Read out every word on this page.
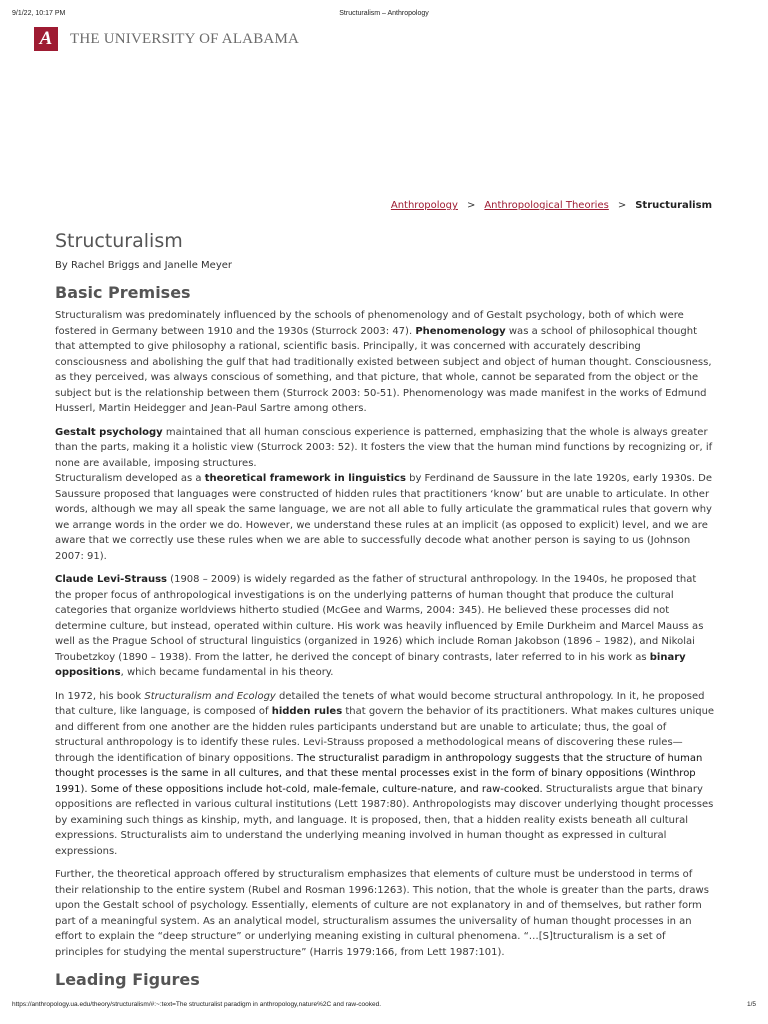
9/1/22, 10:17 PM	Structuralism – Anthropology
A	THE UNIVERSITY OF ALABAMA
Anthropology > Anthropological Theories > Structuralism
Structuralism
By Rachel Briggs and Janelle Meyer
Basic Premises

Structuralism was predominately influenced by the schools of phenomenology and of Gestalt psychology, both of which were fostered in Germany between 1910 and the 1930s (Sturrock 2003: 47). Phenomenology was a school of philosophical thought that attempted to give philosophy a rational, scientific basis. Principally, it was concerned with accurately describing consciousness and abolishing the gulf that had traditionally existed between subject and object of human thought. Consciousness, as they perceived, was always conscious of something, and that picture, that whole, cannot be separated from the object or the subject but is the relationship between them (Sturrock 2003: 50-51). Phenomenology was made manifest in the works of Edmund Husserl, Martin Heidegger and Jean-Paul Sartre among others.

Gestalt psychology maintained that all human conscious experience is patterned, emphasizing that the whole is always greater than the parts, making it a holistic view (Sturrock 2003: 52). It fosters the view that the human mind functions by recognizing or, if none are available, imposing structures.
Structuralism developed as a theoretical framework in linguistics by Ferdinand de Saussure in the late 1920s, early 1930s. De Saussure proposed that languages were constructed of hidden rules that practitioners ‘know’ but are unable to articulate. In other words, although we may all speak the same language, we are not all able to fully articulate the grammatical rules that govern why we arrange words in the order we do. However, we understand these rules at an implicit (as opposed to explicit) level, and we are aware that we correctly use these rules when we are able to successfully decode what another person is saying to us (Johnson 2007: 91).

Claude Levi-Strauss (1908 – 2009) is widely regarded as the father of structural anthropology. In the 1940s, he proposed that the proper focus of anthropological investigations is on the underlying patterns of human thought that produce the cultural categories that organize worldviews hitherto studied (McGee and Warms, 2004: 345). He believed these processes did not determine culture, but instead, operated within culture. His work was heavily influenced by Emile Durkheim and Marcel Mauss as well as the Prague School of structural linguistics (organized in 1926) which include Roman Jakobson (1896 – 1982), and Nikolai Troubetzkoy (1890 – 1938). From the latter, he derived the concept of binary contrasts, later referred to in his work as binary oppositions, which became fundamental in his theory.

In 1972, his book Structuralism and Ecology detailed the tenets of what would become structural anthropology. In it, he proposed that culture, like language, is composed of hidden rules that govern the behavior of its practitioners. What makes cultures unique and different from one another are the hidden rules participants understand but are unable to articulate; thus, the goal of structural anthropology is to identify these rules. Levi-Strauss proposed a methodological means of discovering these rules—through the identification of binary oppositions. The structuralist paradigm in anthropology suggests that the structure of human thought processes is the same in all cultures, and that these mental processes exist in the form of binary oppositions (Winthrop 1991). Some of these oppositions include hot-cold, male-female, culture-nature, and raw-cooked. Structuralists argue that binary oppositions are reflected in various cultural institutions (Lett 1987:80). Anthropologists may discover underlying thought processes by examining such things as kinship, myth, and language. It is proposed, then, that a hidden reality exists beneath all cultural expressions. Structuralists aim to understand the underlying meaning involved in human thought as expressed in cultural expressions.

Further, the theoretical approach offered by structuralism emphasizes that elements of culture must be understood in terms of their relationship to the entire system (Rubel and Rosman 1996:1263). This notion, that the whole is greater than the parts, draws upon the Gestalt school of psychology. Essentially, elements of culture are not explanatory in and of themselves, but rather form part of a meaningful system. As an analytical model, structuralism assumes the universality of human thought processes in an effort to explain the “deep structure” or underlying meaning existing in cultural phenomena. “…[S]tructuralism is a set of principles for studying the mental superstructure” (Harris 1979:166, from Lett 1987:101).

Leading Figures
https://anthropology.ua.edu/theory/structuralism/#:~:text=The structuralist paradigm in anthropology,nature%2C and raw-cooked.	1/5
